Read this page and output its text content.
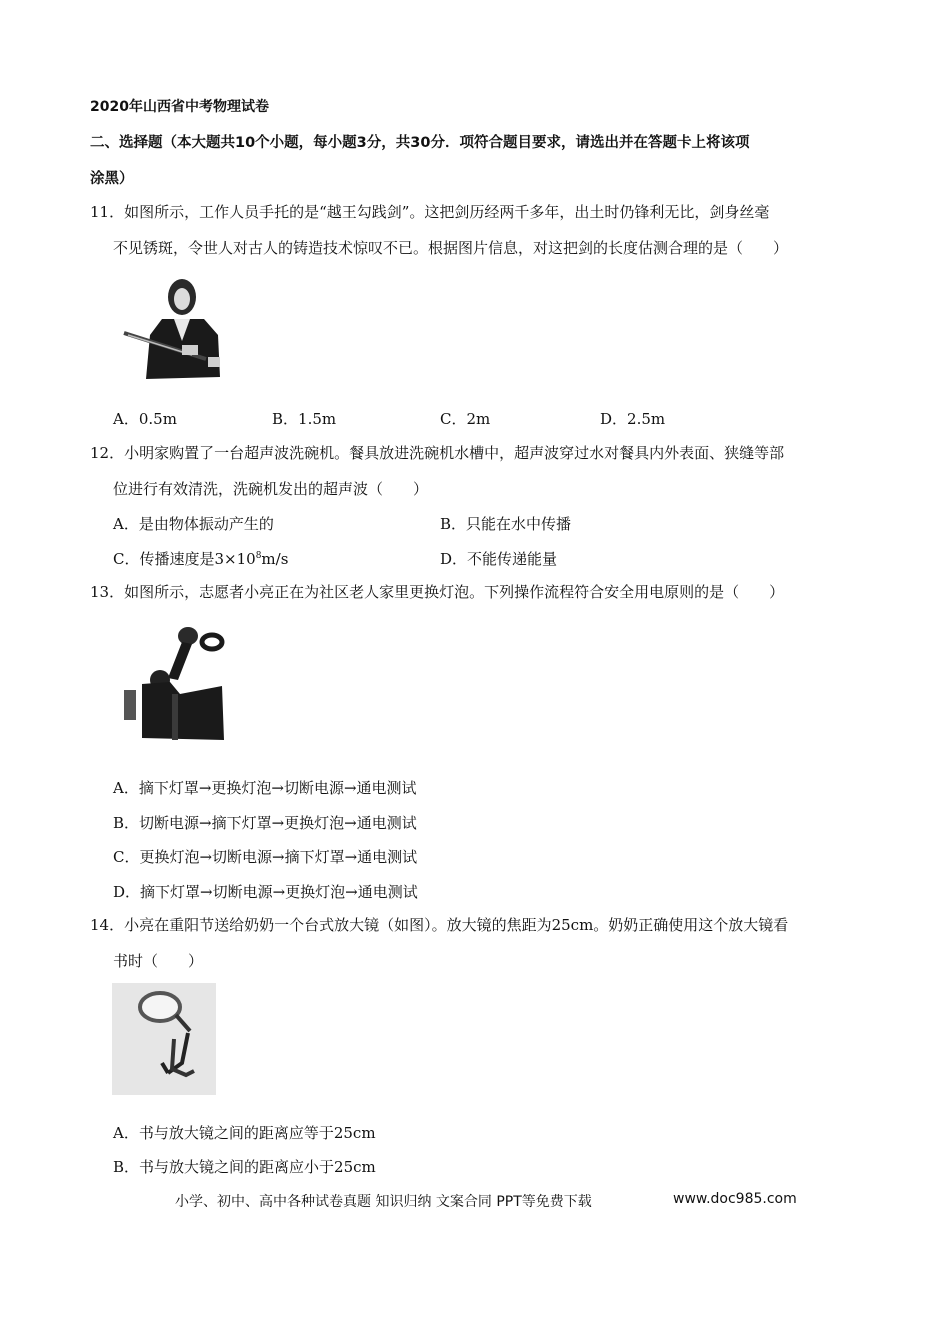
2020年山西省中考物理试卷
二、选择题（本大题共10个小题，每小题3分，共30分．项符合题目要求，请选出并在答题卡上将该项
涂黑）
11．如图所示，工作人员手托的是“越王勾践剑”。这把剑历经两千多年，出土时仍锋利无比，剑身丝毫
不见锈斑，令世人对古人的铸造技术惊叹不已。根据图片信息，对这把剑的长度估测合理的是（　　）
A．0.5m	B．1.5m	C．2m	D．2.5m
12．小明家购置了一台超声波洗碗机。餐具放进洗碗机水槽中，超声波穿过水对餐具内外表面、狭缝等部
位进行有效清洗，洗碗机发出的超声波（　　）
A．是由物体振动产生的	B．只能在水中传播
C．传播速度是$3\times 10^8m/s$	D．不能传递能量
13．如图所示，志愿者小亮正在为社区老人家里更换灯泡。下列操作流程符合安全用电原则的是（　　）
A．摘下灯罩→更换灯泡→切断电源→通电测试
B．切断电源→摘下灯罩→更换灯泡→通电测试
C．更换灯泡→切断电源→摘下灯罩→通电测试
D．摘下灯罩→切断电源→更换灯泡→通电测试
14．小亮在重阳节送给奶奶一个台式放大镜（如图）。放大镜的焦距为25cm。奶奶正确使用这个放大镜看
书时（　　）
A．书与放大镜之间的距离应等于25cm
B．书与放大镜之间的距离应小于25cm
小学、初中、高中各种试卷真题 知识归纳 文案合同 PPT等免费下载	www.doc985.com
